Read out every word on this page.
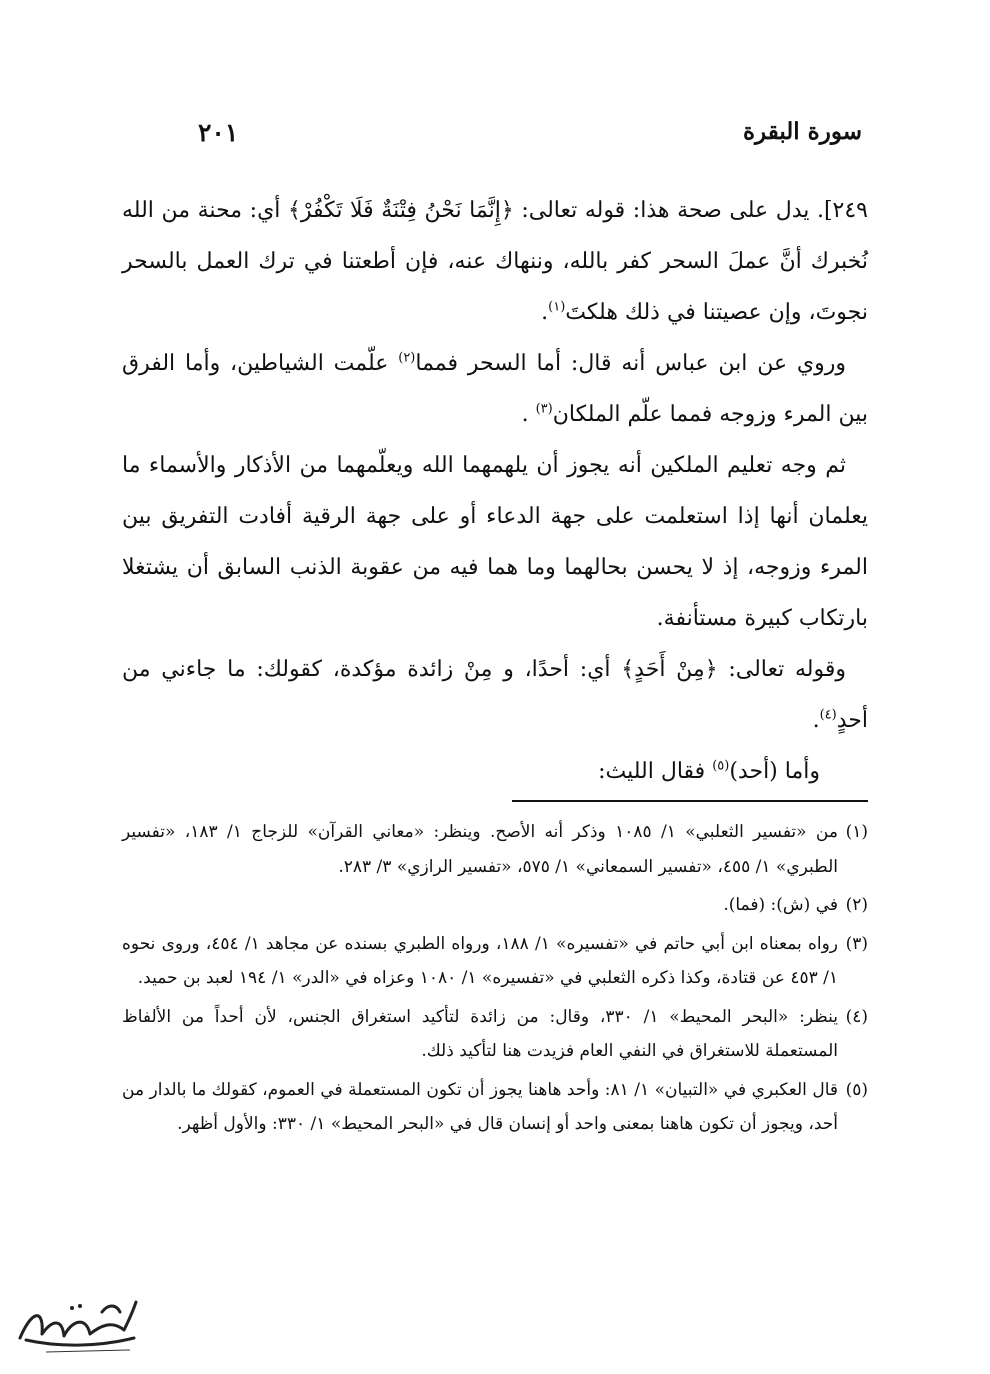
سورة البقرة
٢٠١

٢٤٩]. يدل على صحة هذا: قوله تعالى: ﴿إِنَّمَا نَحْنُ فِتْنَةٌ فَلَا تَكْفُرْ﴾ أي: محنة من الله نُخبرك أنَّ عملَ السحر كفر بالله، وننهاك عنه، فإن أطعتنا في ترك العمل بالسحر نجوتَ، وإن عصيتنا في ذلك هلكتَ$^{(١)}$.

وروي عن ابن عباس أنه قال: أما السحر فمما$^{(٢)}$ علّمت الشياطين، وأما الفرق بين المرء وزوجه فمما علّم الملكان$^{(٣)}$ .

ثم وجه تعليم الملكين أنه يجوز أن يلهمهما الله ويعلّمهما من الأذكار والأسماء ما يعلمان أنها إذا استعلمت على جهة الدعاء أو على جهة الرقية أفادت التفريق بين المرء وزوجه، إذ لا يحسن بحالهما وما هما فيه من عقوبة الذنب السابق أن يشتغلا بارتكاب كبيرة مستأنفة.

وقوله تعالى: ﴿مِنْ أَحَدٍ﴾ أي: أحدًا، و مِنْ زائدة مؤكدة، كقولك: ما جاءني من أحدٍ$^{(٤)}$.

وأما (أحد)$^{(٥)}$ فقال الليث:

(١)
من «تفسير الثعلبي» ١/ ١٠٨٥ وذكر أنه الأصح. وينظر: «معاني القرآن» للزجاج ١/ ١٨٣، «تفسير الطبري» ١/ ٤٥٥، «تفسير السمعاني» ١/ ٥٧٥، «تفسير الرازي» ٣/ ٢٨٣.
(٢)
في (ش): (فما).
(٣)
رواه بمعناه ابن أبي حاتم في «تفسيره» ١/ ١٨٨، ورواه الطبري بسنده عن مجاهد ١/ ٤٥٤، وروى نحوه ١/ ٤٥٣ عن قتادة، وكذا ذكره الثعلبي في «تفسيره» ١/ ١٠٨٠ وعزاه في «الدر» ١/ ١٩٤ لعبد بن حميد.
(٤)
ينظر: «البحر المحيط» ١/ ٣٣٠، وقال: من زائدة لتأكيد استغراق الجنس، لأن أحداً من الألفاظ المستعملة للاستغراق في النفي العام فزيدت هنا لتأكيد ذلك.
(٥)
قال العكبري في «التبيان» ١/ ٨١: وأحد هاهنا يجوز أن تكون المستعملة في العموم، كقولك ما بالدار من أحد، ويجوز أن تكون هاهنا بمعنى واحد أو إنسان قال في «البحر المحيط» ١/ ٣٣٠: والأول أظهر.
